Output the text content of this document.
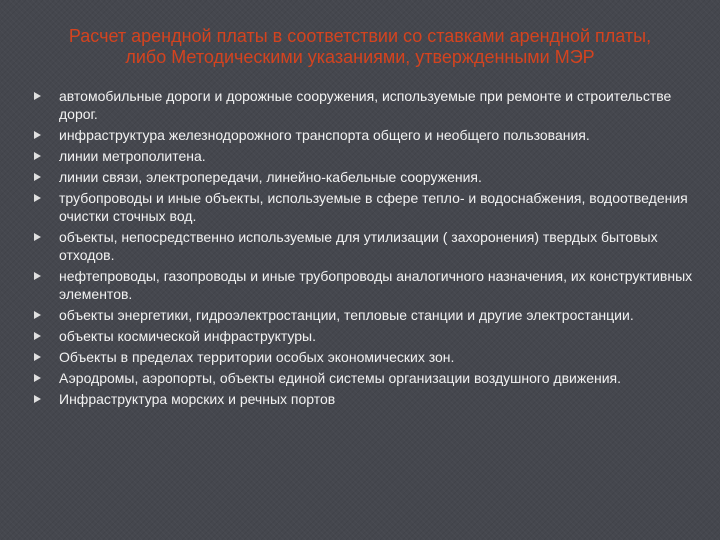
Расчет арендной платы в соответствии со ставками арендной платы,
либо Методическими указаниями, утвержденными МЭР
автомобильные дороги и дорожные сооружения, используемые при ремонте и строительстве дорог.
инфраструктура железнодорожного транспорта общего и необщего пользования.
линии метрополитена.
линии связи, электропередачи, линейно-кабельные сооружения.
трубопроводы и иные объекты, используемые в сфере тепло- и водоснабжения, водоотведения очистки сточных вод.
объекты, непосредственно используемые для утилизации ( захоронения) твердых бытовых отходов.
нефтепроводы, газопроводы и иные трубопроводы аналогичного назначения, их конструктивных элементов.
объекты энергетики, гидроэлектростанции, тепловые станции и другие электростанции.
объекты космической инфраструктуры.
Объекты в пределах территории особых экономических зон.
Аэродромы, аэропорты, объекты единой системы организации воздушного движения.
Инфраструктура морских и речных портов
